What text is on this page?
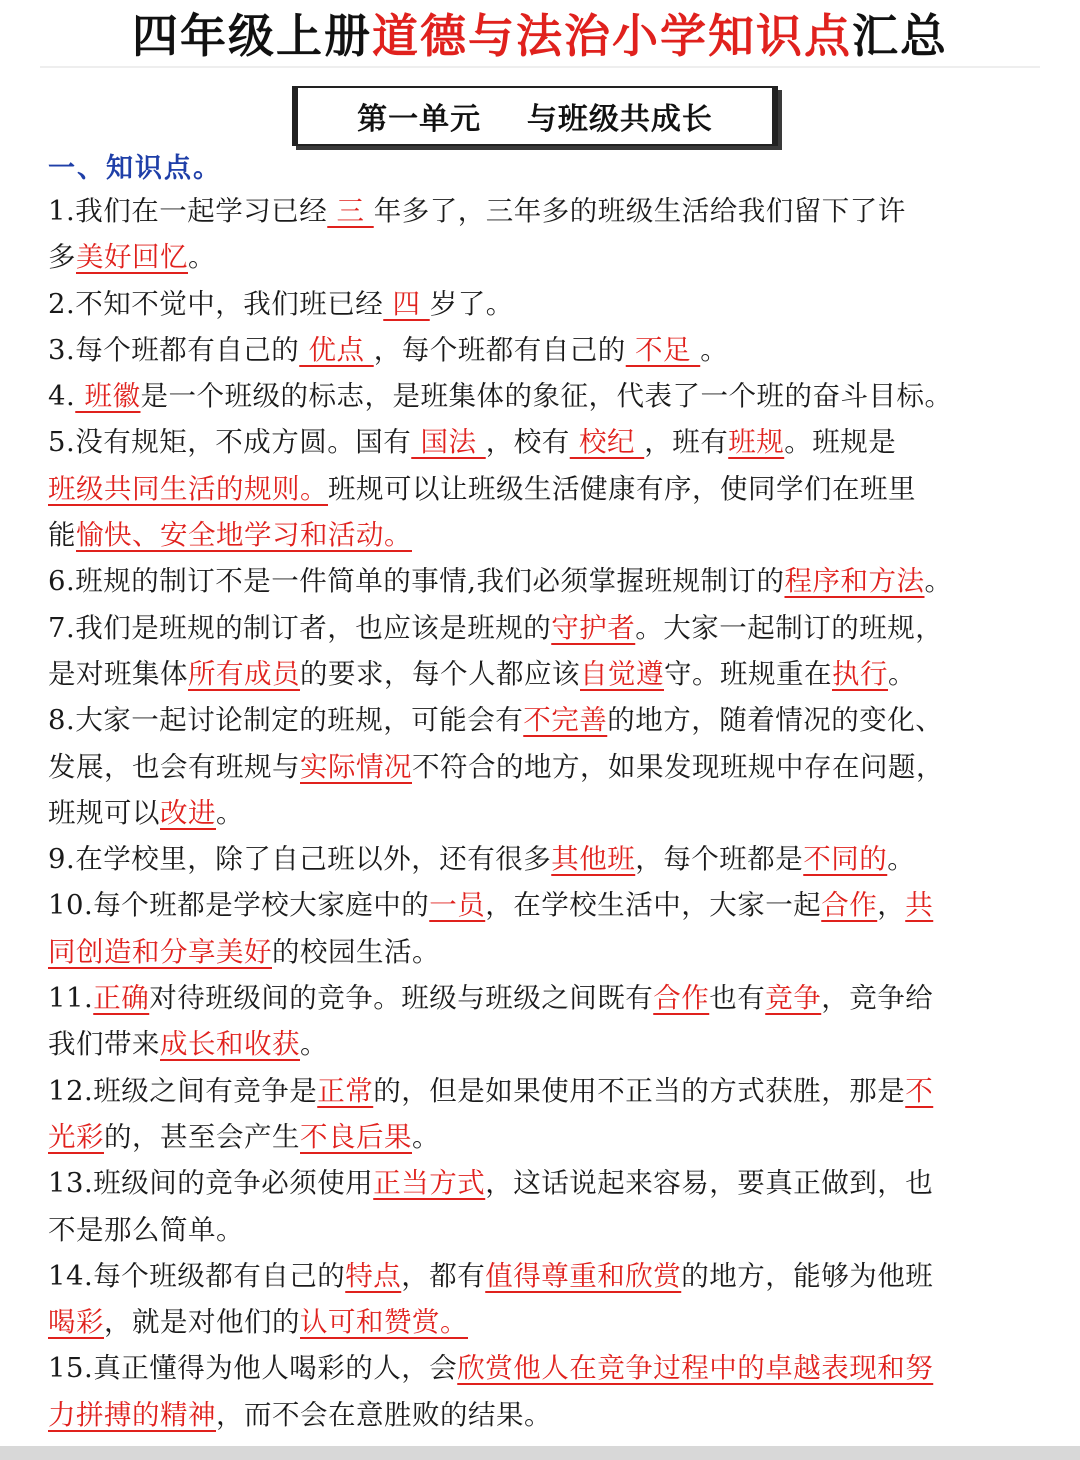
四年级上册道德与法治小学知识点汇总
第一单元    与班级共成长
一、知识点。
1.我们在一起学习已经 三 年多了，三年多的班级生活给我们留下了许
多美好回忆。
2.不知不觉中，我们班已经 四 岁了。
3.每个班都有自己的 优点 ，每个班都有自己的 不足 。
4. 班徽是一个班级的标志，是班集体的象征，代表了一个班的奋斗目标。
5.没有规矩，不成方圆。国有 国法 ，校有 校纪 ，班有班规。班规是
班级共同生活的规则。班规可以让班级生活健康有序，使同学们在班里
能愉快、安全地学习和活动。
6.班规的制订不是一件简单的事情,我们必须掌握班规制订的程序和方法。
7.我们是班规的制订者，也应该是班规的守护者。大家一起制订的班规，
是对班集体所有成员的要求，每个人都应该自觉遵守。班规重在执行。
8.大家一起讨论制定的班规，可能会有不完善的地方，随着情况的变化、
发展，也会有班规与实际情况不符合的地方，如果发现班规中存在问题，
班规可以改进。
9.在学校里，除了自己班以外，还有很多其他班，每个班都是不同的。
10.每个班都是学校大家庭中的一员，在学校生活中，大家一起合作，共
同创造和分享美好的校园生活。
11.正确对待班级间的竞争。班级与班级之间既有合作也有竞争，竞争给
我们带来成长和收获。
12.班级之间有竞争是正常的，但是如果使用不正当的方式获胜，那是不
光彩的，甚至会产生不良后果。
13.班级间的竞争必须使用正当方式，这话说起来容易，要真正做到，也
不是那么简单。
14.每个班级都有自己的特点，都有值得尊重和欣赏的地方，能够为他班
喝彩，就是对他们的认可和赞赏。
15.真正懂得为他人喝彩的人，会欣赏他人在竞争过程中的卓越表现和努
力拼搏的精神，而不会在意胜败的结果。
